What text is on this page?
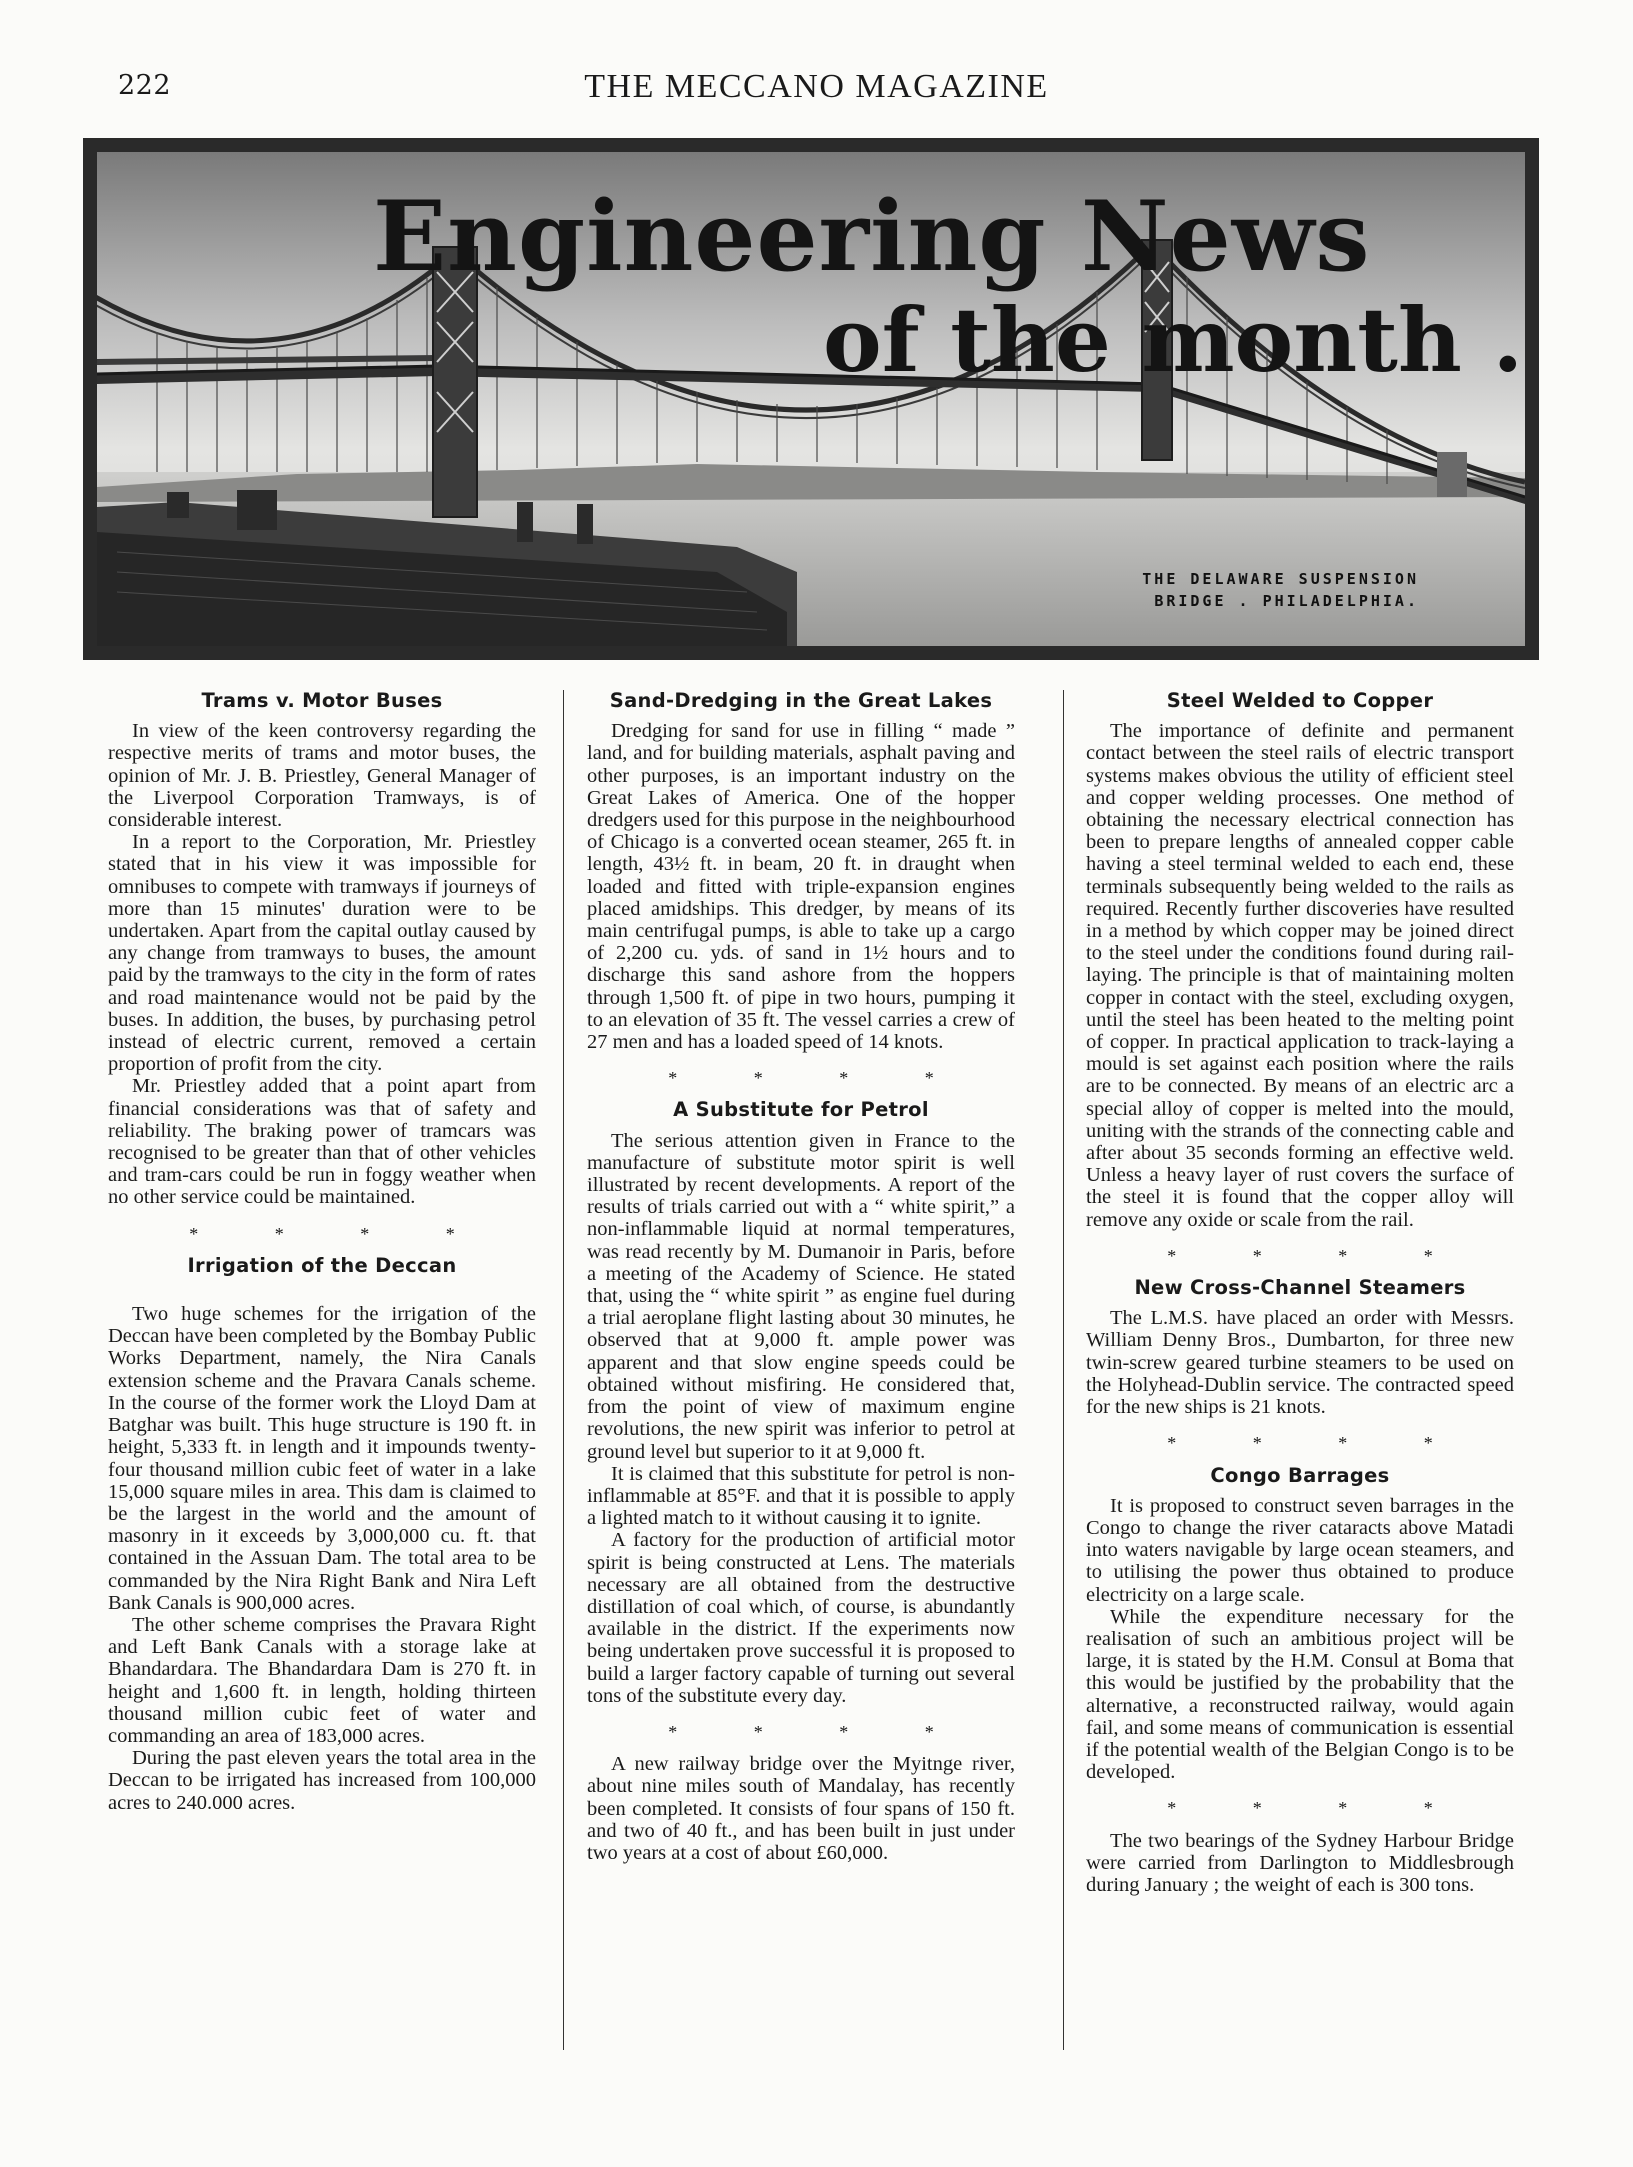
222	THE MECCANO MAGAZINE
Engineering News
of the month .
THE DELAWARE SUSPENSION
BRIDGE . PHILADELPHIA.
Trams v. Motor Buses

In view of the keen controversy regarding the respective merits of trams and motor buses, the opinion of Mr. J. B. Priestley, General Manager of the Liverpool Corporation Tramways, is of considerable interest.

In a report to the Corporation, Mr. Priestley stated that in his view it was impossible for omnibuses to compete with tramways if journeys of more than 15 minutes' duration were to be undertaken. Apart from the capital outlay caused by any change from tramways to buses, the amount paid by the tramways to the city in the form of rates and road maintenance would not be paid by the buses. In addition, the buses, by purchasing petrol instead of electric current, removed a certain proportion of profit from the city.

Mr. Priestley added that a point apart from financial considerations was that of safety and reliability. The braking power of tramcars was recognised to be greater than that of other vehicles and tram-cars could be run in foggy weather when no other service could be maintained.

* * * *
Irrigation of the Deccan

Two huge schemes for the irrigation of the Deccan have been completed by the Bombay Public Works Department, namely, the Nira Canals extension scheme and the Pravara Canals scheme. In the course of the former work the Lloyd Dam at Batghar was built. This huge structure is 190 ft. in height, 5,333 ft. in length and it impounds twenty-four thousand million cubic feet of water in a lake 15,000 square miles in area. This dam is claimed to be the largest in the world and the amount of masonry in it exceeds by 3,000,000 cu. ft. that contained in the Assuan Dam. The total area to be commanded by the Nira Right Bank and Nira Left Bank Canals is 900,000 acres.

The other scheme comprises the Pravara Right and Left Bank Canals with a storage lake at Bhandardara. The Bhandardara Dam is 270 ft. in height and 1,600 ft. in length, holding thirteen thousand million cubic feet of water and commanding an area of 183,000 acres.

During the past eleven years the total area in the Deccan to be irrigated has increased from 100,000 acres to 240.000 acres.

Sand-Dredging in the Great Lakes

Dredging for sand for use in filling “ made ” land, and for building materials, asphalt paving and other purposes, is an important industry on the Great Lakes of America. One of the hopper dredgers used for this purpose in the neighbourhood of Chicago is a converted ocean steamer, 265 ft. in length, 43½ ft. in beam, 20 ft. in draught when loaded and fitted with triple-expansion engines placed amidships. This dredger, by means of its main centrifugal pumps, is able to take up a cargo of 2,200 cu. yds. of sand in 1½ hours and to discharge this sand ashore from the hoppers through 1,500 ft. of pipe in two hours, pumping it to an elevation of 35 ft. The vessel carries a crew of 27 men and has a loaded speed of 14 knots.

* * * *
A Substitute for Petrol

The serious attention given in France to the manufacture of substitute motor spirit is well illustrated by recent developments. A report of the results of trials carried out with a “ white spirit,” a non-inflammable liquid at normal temperatures, was read recently by M. Dumanoir in Paris, before a meeting of the Academy of Science. He stated that, using the “ white spirit ” as engine fuel during a trial aeroplane flight lasting about 30 minutes, he observed that at 9,000 ft. ample power was apparent and that slow engine speeds could be obtained without misfiring. He considered that, from the point of view of maximum engine revolutions, the new spirit was inferior to petrol at ground level but superior to it at 9,000 ft.

It is claimed that this substitute for petrol is non-inflammable at 85°F. and that it is possible to apply a lighted match to it without causing it to ignite.

A factory for the production of artificial motor spirit is being constructed at Lens. The materials necessary are all obtained from the destructive distillation of coal which, of course, is abundantly available in the district. If the experiments now being undertaken prove successful it is proposed to build a larger factory capable of turning out several tons of the substitute every day.

* * * *

A new railway bridge over the Myitnge river, about nine miles south of Mandalay, has recently been completed. It consists of four spans of 150 ft. and two of 40 ft., and has been built in just under two years at a cost of about £60,000.

Steel Welded to Copper

The importance of definite and permanent contact between the steel rails of electric transport systems makes obvious the utility of efficient steel and copper welding processes. One method of obtaining the necessary electrical connection has been to prepare lengths of annealed copper cable having a steel terminal welded to each end, these terminals subsequently being welded to the rails as required. Recently further discoveries have resulted in a method by which copper may be joined direct to the steel under the conditions found during rail-laying. The principle is that of maintaining molten copper in contact with the steel, excluding oxygen, until the steel has been heated to the melting point of copper. In practical application to track-laying a mould is set against each position where the rails are to be connected. By means of an electric arc a special alloy of copper is melted into the mould, uniting with the strands of the connecting cable and after about 35 seconds forming an effective weld. Unless a heavy layer of rust covers the surface of the steel it is found that the copper alloy will remove any oxide or scale from the rail.

* * * *
New Cross-Channel Steamers

The L.M.S. have placed an order with Messrs. William Denny Bros., Dumbarton, for three new twin-screw geared turbine steamers to be used on the Holyhead-Dublin service. The contracted speed for the new ships is 21 knots.

* * * *
Congo Barrages

It is proposed to construct seven barrages in the Congo to change the river cataracts above Matadi into waters navigable by large ocean steamers, and to utilising the power thus obtained to produce electricity on a large scale.

While the expenditure necessary for the realisation of such an ambitious project will be large, it is stated by the H.M. Consul at Boma that this would be justified by the probability that the alternative, a reconstructed railway, would again fail, and some means of communication is essential if the potential wealth of the Belgian Congo is to be developed.

* * * *

The two bearings of the Sydney Harbour Bridge were carried from Darlington to Middlesbrough during January ; the weight of each is 300 tons.
